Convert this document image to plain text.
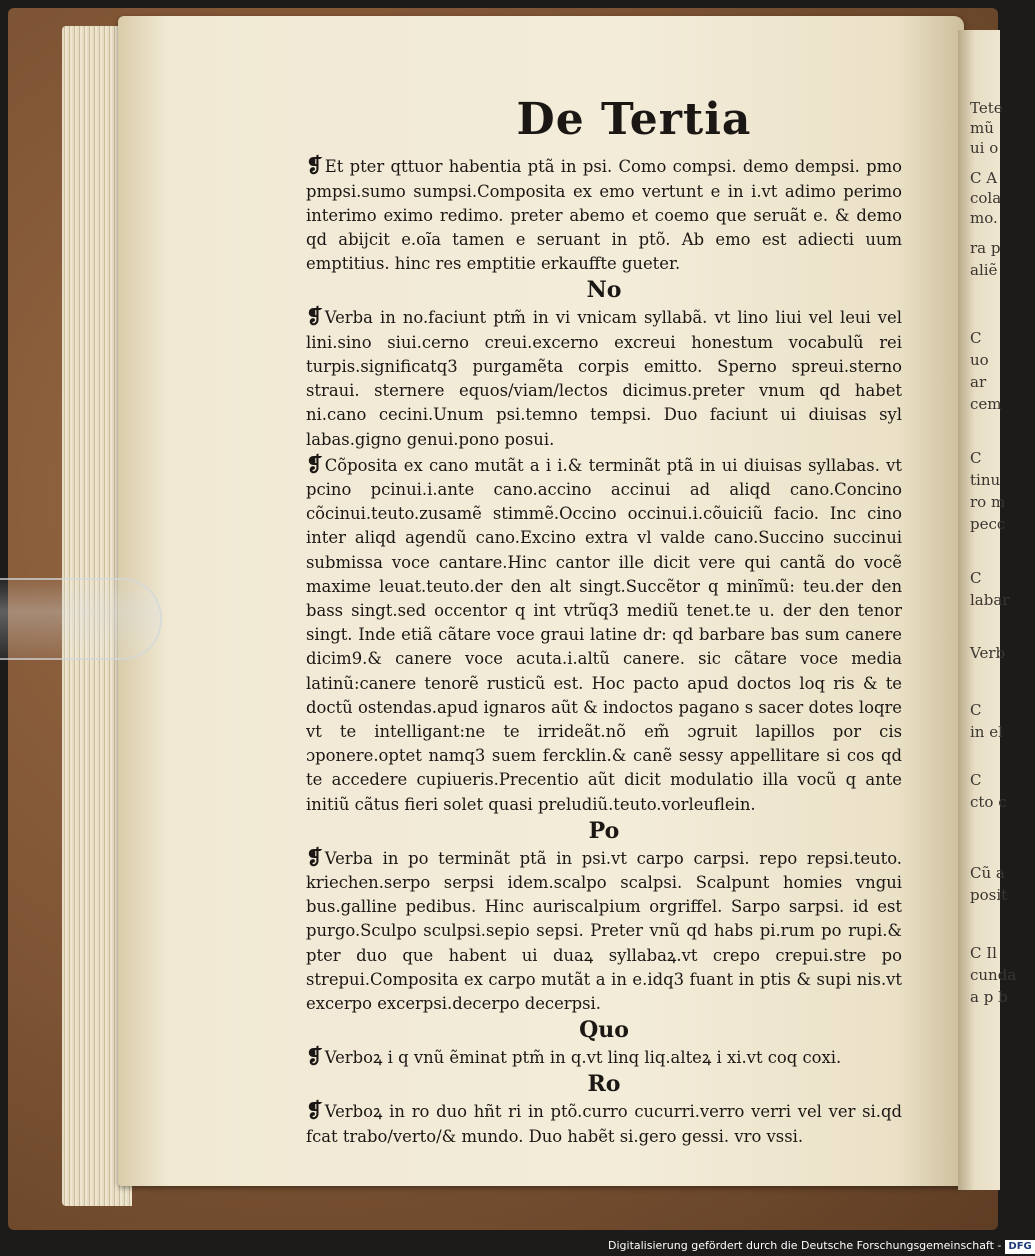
Tete
mũ
ui o
C A
cola
mo.
ra p
aliẽ
C
uo
ar
cem
C
tinu
ro m
pecc
C
labar
Verb
C
in el
C
cto c
Cũ a
posit
C Il
cunda
a p b
De Tertia

❡ Et pter qttuor habentia ptã in psi. Como compsi. demo dempsi. pmo pmpsi.sumo sumpsi.Composita ex emo vertunt e in i.vt adimo perimo interimo eximo redimo. preter abemo et coemo que seruãt e. & demo qd abijcit e.oĩa tamen e seruant in ptõ. Ab emo est adiecti uum emptitius. hinc res emptitie erkauffte gueter.

No

❡ Verba in no.faciunt ptm̃ in vi vnicam syllabã. vt lino liui vel leui vel lini.sino siui.cerno creui.excerno excreui honestum vocabulũ rei turpis.significatq3 purgamẽta corpis emitto. Sperno spreui.sterno straui. sternere equos/viam/lectos dicimus.preter vnum qd habet ni.cano cecini.Unum psi.temno tempsi. Duo faciunt ui diuisas syl labas.gigno genui.pono posui.

❡ Cõposita ex cano mutãt a i i.& terminãt ptã in ui diuisas syllabas. vt pcino pcinui.i.ante cano.accino accinui ad aliqd cano.Concino cõcinui.teuto.zusamẽ stimmẽ.Occino occinui.i.cõuiciũ facio. Inc cino inter aliqd agendũ cano.Excino extra vl valde cano.Succino succinui submissa voce cantare.Hinc cantor ille dicit vere qui cantã do vocẽ maxime leuat.teuto.der den alt singt.Succẽtor q minĩmũ: teu.der den bass singt.sed occentor q int vtrũq3 mediũ tenet.te u. der den tenor singt. Inde etiã cãtare voce graui latine dr: qd barbare bas sum canere dicim9.& canere voce acuta.i.altũ canere. sic cãtare voce media latinũ:canere tenorẽ rusticũ est. Hoc pacto apud doctos loq ris & te doctũ ostendas.apud ignaros aũt & indoctos pagano s sacer dotes loqre vt te intelligant:ne te irrideãt.nõ em̃ ɔgruit lapillos por cis ɔponere.optet namq3 suem fercklin.& canẽ sessy appellitare si cos qd te accedere cupiueris.Precentio aũt dicit modulatio illa vocũ q ante initiũ cãtus fieri solet quasi preludiũ.teuto.vorleuflein.

Po

❡ Verba in po terminãt ptã in psi.vt carpo carpsi. repo repsi.teuto. kriechen.serpo serpsi idem.scalpo scalpsi. Scalpunt homies vngui bus.galline pedibus. Hinc auriscalpium orgriffel. Sarpo sarpsi. id est purgo.Sculpo sculpsi.sepio sepsi. Preter vnũ qd habs pi.rum po rupi.& pter duo que habent ui duaꝝ syllabaꝝ.vt crepo crepui.stre po strepui.Composita ex carpo mutãt a in e.idq3 fuant in ptis & supi nis.vt excerpo excerpsi.decerpo decerpsi.

Quo

❡ Verboꝝ i q vnũ ẽminat ptm̃ in q.vt linq liq.alteꝝ i xi.vt coq coxi.

Ro

❡ Verboꝝ in ro duo hñt ri in ptõ.curro cucurri.verro verri vel ver si.qd fcat trabo/verto/& mundo. Duo habẽt si.gero gessi. vro vssi.

Digitalisierung gefördert durch die Deutsche Forschungsgemeinschaft - DFG
